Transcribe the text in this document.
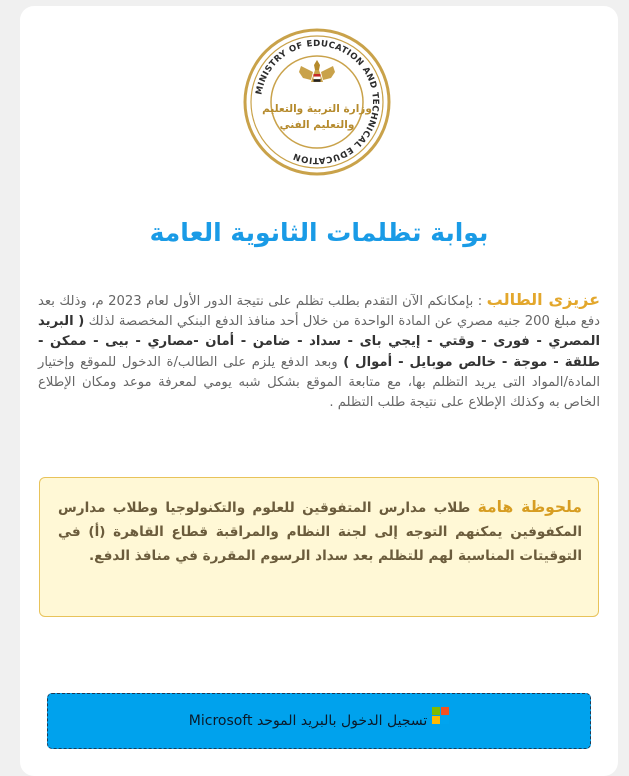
MINISTRY OF EDUCATION AND TECHNICAL EDUCATION
وزارة التربية والتعليم
والتعليم الفني
بوابة تظلمات الثانوية العامة

عزيزى الطالب : بإمكانكم الآن التقدم بطلب تظلم على نتيجة الدور الأول لعام 2023 م، وذلك بعد دفع مبلغ 200 جنيه مصري عن المادة الواحدة من خلال أحد منافذ الدفع البنكي المخصصة لذلك ( البريد المصري - فورى - وقتي - إيجي باى - سداد - ضامن - أمان -مصاري - بيى - ممكن - طلقة - موجة - خالص موبايل - أموال ) وبعد الدفع يلزم على الطالب/ة الدخول للموقع وإختيار المادة/المواد التى يريد التظلم بها، مع متابعة الموقع بشكل شبه يومي لمعرفة موعد ومكان الإطلاع الخاص به وكذلك الإطلاع على نتيجة طلب التظلم .

ملحوظة هامة طلاب مدارس المتفوقين للعلوم والتكنولوجيا وطلاب مدارس المكفوفين يمكنهم التوجه إلى لجنة النظام والمراقبة قطاع القاهرة (أ) في التوقيتات المناسبة لهم للتظلم بعد سداد الرسوم المقررة في منافذ الدفع.
تسجيل الدخول بالبريد الموحد Microsoft
